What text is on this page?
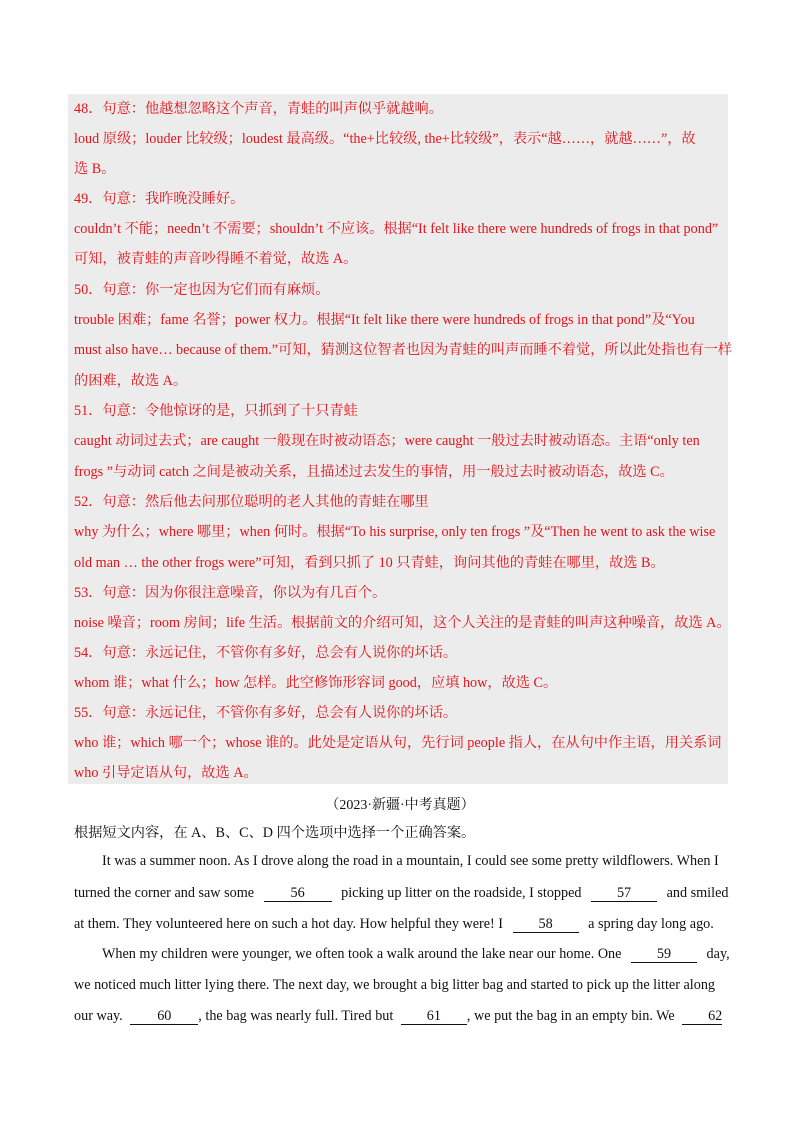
48．句意：他越想忽略这个声音，青蛙的叫声似乎就越响。
loud 原级；louder 比较级；loudest 最高级。“the+比较级, the+比较级”，表示“越……，就越……”，故
选 B。
49．句意：我昨晚没睡好。
couldn’t 不能；needn’t 不需要；shouldn’t 不应该。根据“It felt like there were hundreds of frogs in that pond”
可知，被青蛙的声音吵得睡不着觉，故选 A。
50．句意：你一定也因为它们而有麻烦。
trouble 困难；fame 名誉；power 权力。根据“It felt like there were hundreds of frogs in that pond”及“You
must also have… because of them.”可知，猜测这位智者也因为青蛙的叫声而睡不着觉，所以此处指也有一样
的困难，故选 A。
51．句意：令他惊讶的是，只抓到了十只青蛙
caught 动词过去式；are caught 一般现在时被动语态；were caught 一般过去时被动语态。主语“only ten
frogs ”与动词 catch 之间是被动关系，且描述过去发生的事情，用一般过去时被动语态，故选 C。
52．句意：然后他去问那位聪明的老人其他的青蛙在哪里
why 为什么；where 哪里；when 何时。根据“To his surprise, only ten frogs ”及“Then he went to ask the wise
old man … the other frogs were”可知，看到只抓了 10 只青蛙，询问其他的青蛙在哪里，故选 B。
53．句意：因为你很注意噪音，你以为有几百个。
noise 噪音；room 房间；life 生活。根据前文的介绍可知，这个人关注的是青蛙的叫声这种噪音，故选 A。
54．句意：永远记住，不管你有多好，总会有人说你的坏话。
whom 谁；what 什么；how 怎样。此空修饰形容词 good，应填 how，故选 C。
55．句意：永远记住，不管你有多好，总会有人说你的坏话。
who 谁；which 哪一个；whose 谁的。此处是定语从句，先行词 people 指人，在从句中作主语，用关系词
who 引导定语从句，故选 A。
（2023·新疆·中考真题）
根据短文内容，在 A、B、C、D 四个选项中选择一个正确答案。
It was a summer noon. As I drove along the road in a mountain, I could see some pretty wildflowers. When I
turned the corner and saw some	56	picking up litter on the roadside, I stopped 57 and smiled
at them. They volunteered here on such a hot day. How helpful they were! I 58 a spring day long ago.
When my children were younger, we often took a walk around the lake near our home. One 59 day,
we noticed much litter lying there. The next day, we brought a big litter bag and started to pick up the litter along
our way. 60 , the bag was nearly full. Tired but 61 , we put the bag in an empty bin. We 62
